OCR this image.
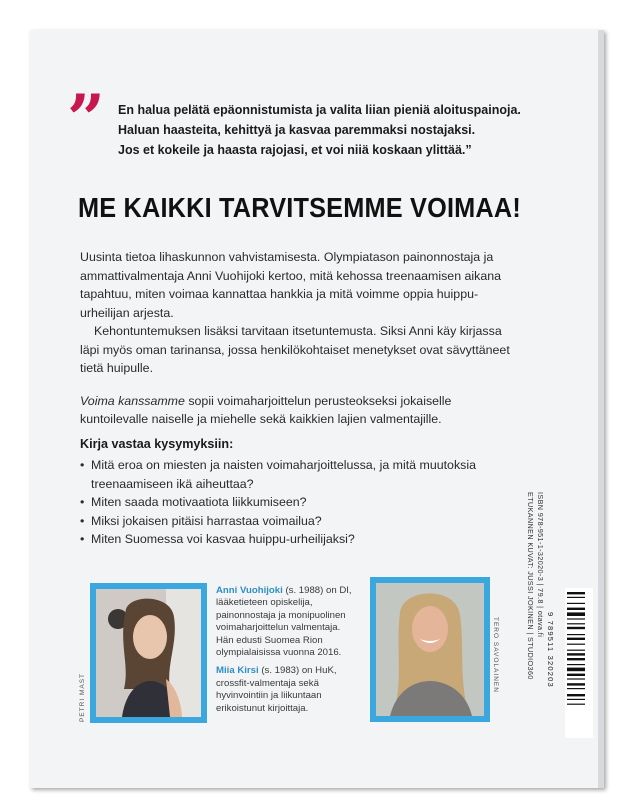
” En halua pelätä epäonnistumista ja valita liian pieniä aloituspainoja.
Haluan haasteita, kehittyä ja kasvaa paremmaksi nostajaksi.
Jos et kokeile ja haasta rajojasi, et voi niiä koskaan ylittää.”
ME KAIKKI TARVITSEMME VOIMAA!

Uusinta tietoa lihaskunnon vahvistamisesta. Olympiatason painonnostaja ja ammattivalmentaja Anni Vuohijoki kertoo, mitä kehossa treenaamisen aikana tapahtuu, miten voimaa kannattaa hankkia ja mitä voimme oppia huippu-urheilijan arjesta.

Kehontuntemuksen lisäksi tarvitaan itsetuntemusta. Siksi Anni käy kirjassa läpi myös oman tarinansa, jossa henkilökohtaiset menetykset ovat sävyttäneet tietä huipulle.

Voima kanssamme sopii voimaharjoittelun perusteokseksi jokaiselle kuntoilevalle naiselle ja miehelle sekä kaikkien lajien valmentajille.

Kirja vastaa kysymyksiin:
• Mitä eroa on miesten ja naisten voimaharjoittelussa, ja mitä muutoksia treenaamiseen ikä aiheuttaa?
• Miten saada motivaatiota liikkumiseen?
• Miksi jokaisen pitäisi harrastaa voimailua?
• Miten Suomessa voi kasvaa huippu-urheilijaksi?
PETRI MAST

Anni Vuohijoki (s. 1988) on DI, lääketieteen opiskelija, painonnostaja ja monipuolinen voimaharjoittelun valmentaja. Hän edusti Suomea Rion olympialaisissa vuonna 2016.

Miia Kirsi (s. 1983) on HuK, crossfit-valmentaja sekä hyvinvointiin ja liikuntaan erikoistunut kirjoittaja.

TERO SAVOLAINEN
ISBN 978-951-1-32020-3 | 79.8 | otava.fi
ETUKANNEN KUVAT: JUSSI JOKINEN | STUDIO360 9 789511 320203
